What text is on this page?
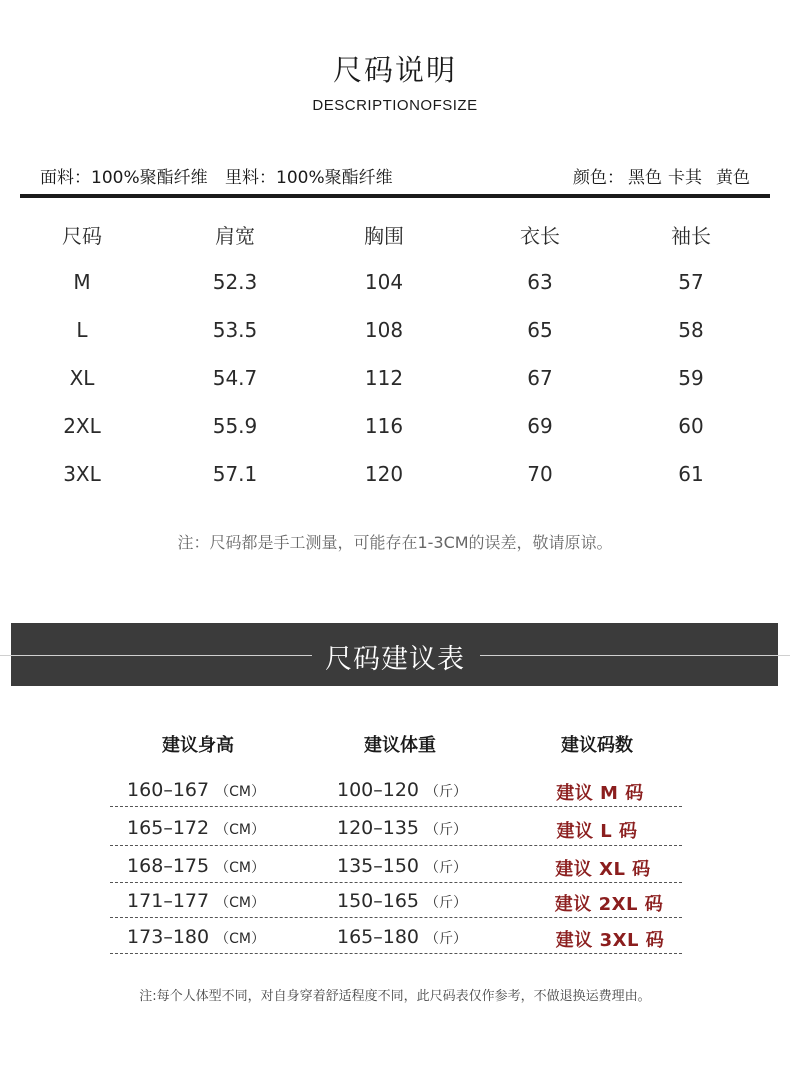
尺码说明
DESCRIPTIONOFSIZE
面料：100%聚酯纤维 里料：100%聚酯纤维	颜色： 黑色 卡其 黄色
尺码	肩宽	胸围	衣长	袖长
M	52.3	104	63	57
L	53.5	108	65	58
XL	54.7	112	67	59
2XL	55.9	116	69	60
3XL	57.1	120	70	61
注：尺码都是手工测量，可能存在1-3CM的误差，敬请原谅。
尺码建议表
建议身高	建议体重	建议码数
160–167 （CM）	100–120 （斤）	建议 M 码
165–172 （CM）	120–135 （斤）	建议 L 码
168–175 （CM）	135–150 （斤）	建议 XL 码
171–177 （CM）	150–165 （斤）	建议 2XL 码
173–180 （CM）	165–180 （斤）	建议 3XL 码
注:每个人体型不同，对自身穿着舒适程度不同，此尺码表仅作参考，不做退换运费理由。
